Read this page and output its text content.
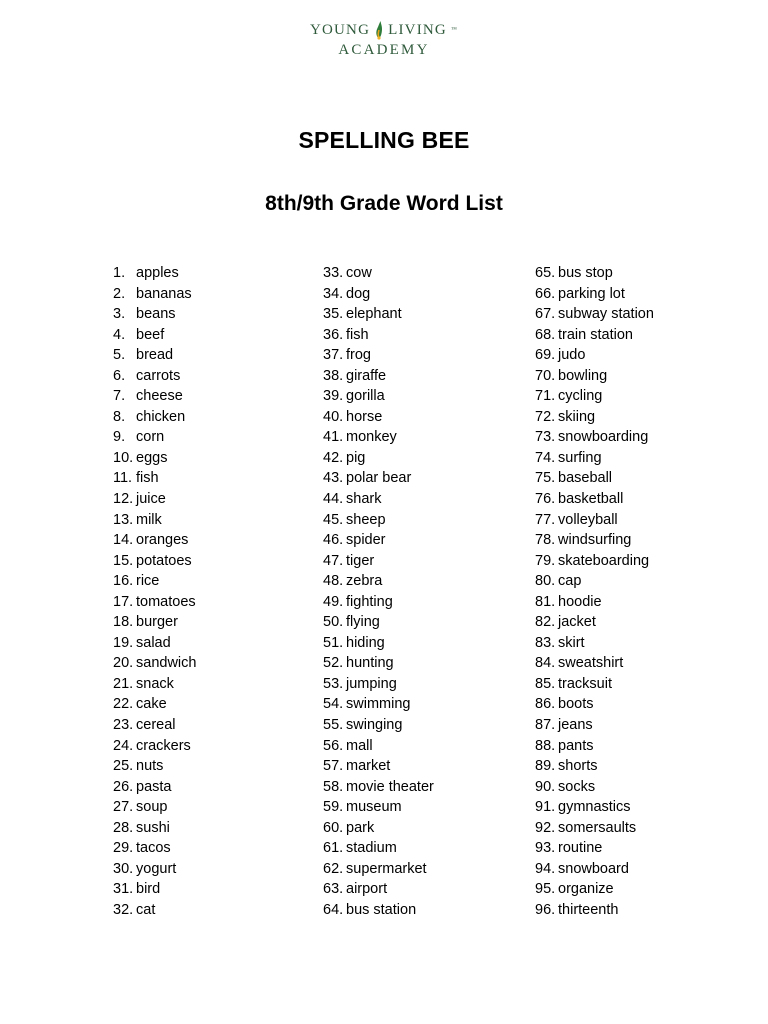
YOUNG LIVING ™
ACADEMY
SPELLING BEE
8th/9th Grade Word List
1. apples
2. bananas
3. beans
4. beef
5. bread
6. carrots
7. cheese
8. chicken
9. corn
10. eggs
11. fish
12. juice
13. milk
14. oranges
15. potatoes
16. rice
17. tomatoes
18. burger
19. salad
20. sandwich
21. snack
22. cake
23. cereal
24. crackers
25. nuts
26. pasta
27. soup
28. sushi
29. tacos
30. yogurt
31. bird
32. cat
33. cow
34. dog
35. elephant
36. fish
37. frog
38. giraffe
39. gorilla
40. horse
41. monkey
42. pig
43. polar bear
44. shark
45. sheep
46. spider
47. tiger
48. zebra
49. fighting
50. flying
51. hiding
52. hunting
53. jumping
54. swimming
55. swinging
56. mall
57. market
58. movie theater
59. museum
60. park
61. stadium
62. supermarket
63. airport
64. bus station
65. bus stop
66. parking lot
67. subway station
68. train station
69. judo
70. bowling
71. cycling
72. skiing
73. snowboarding
74. surfing
75. baseball
76. basketball
77. volleyball
78. windsurfing
79. skateboarding
80. cap
81. hoodie
82. jacket
83. skirt
84. sweatshirt
85. tracksuit
86. boots
87. jeans
88. pants
89. shorts
90. socks
91. gymnastics
92. somersaults
93. routine
94. snowboard
95. organize
96. thirteenth
